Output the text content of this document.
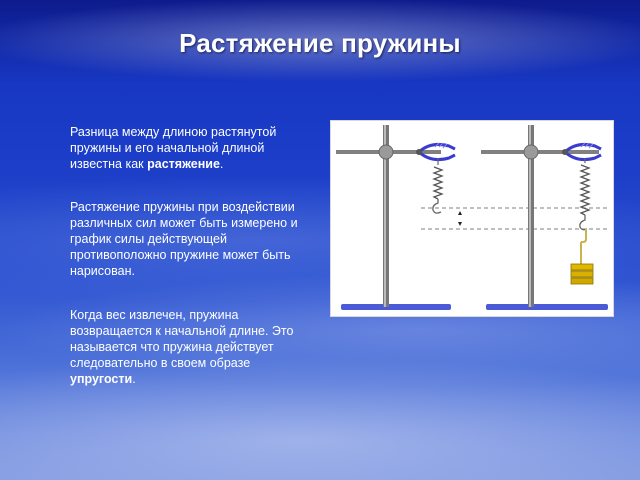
Растяжение пружины
Разница между длиною растянутой пружины и его начальной длиной известна как растяжение.
Растяжение пружины при воздействии различных сил может быть измерено и график силы действующей противоположно пружине может быть нарисован.
Когда вес извлечен, пружина возвращается к начальной длине. Это называется что пружина действует следовательно в своем образе упругости.
